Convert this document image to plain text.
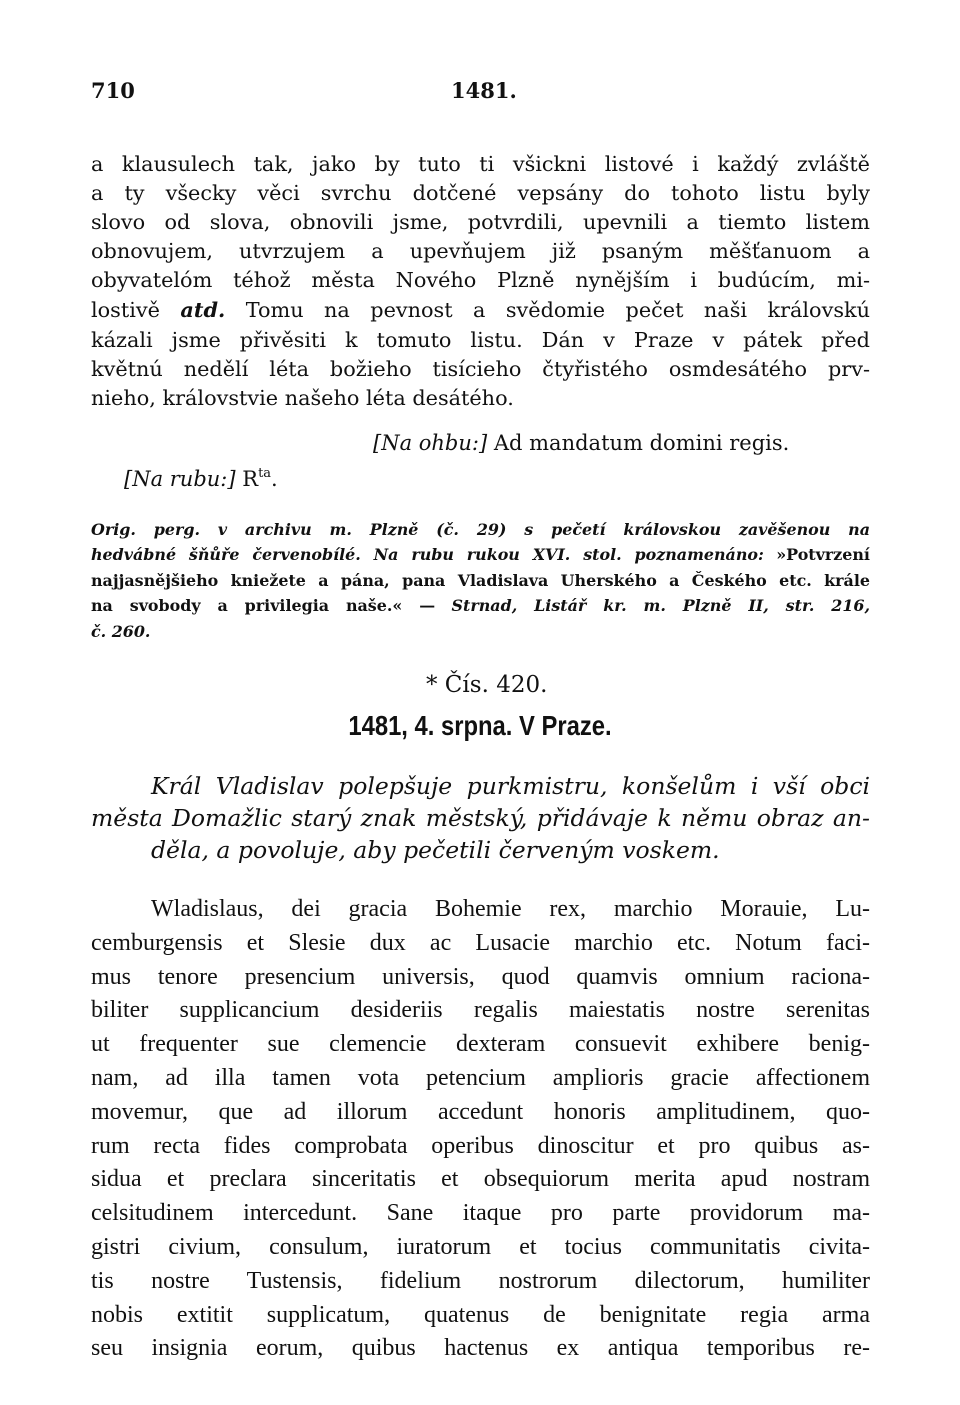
710	1481.
a klausulech tak, jako by tuto ti všickni listové i každý zvláště
a ty všecky věci svrchu dotčené vepsány do tohoto listu byly
slovo od slova, obnovili jsme, potvrdili, upevnili a tiemto listem
obnovujem, utvrzujem a upevňujem již psaným měšťanuom a
obyvatelóm téhož města Nového Plzně nynějším i budúcím, mi-
lostivě atd. Tomu na pevnost a svědomie pečet naši královskú
kázali jsme přivěsiti k tomuto listu. Dán v Praze v pátek před
květnú nedělí léta božieho tisícieho čtyřistého osmdesátého prv-
nieho, královstvie našeho léta desátého.
[Na ohbu:] Ad mandatum domini regis.
[Na rubu:] $R^{ta}$.
Orig. perg. v archivu m. Plzně (č. 29) s pečetí královskou zavěšenou na
hedvábné šňůře červenobílé. Na rubu rukou XVI. stol. poznamenáno: »Potvrzení
najjasnějšieho kniežete a pána, pana Vladislava Uherského a Českého etc. krále
na svobody a privilegia naše.« — Strnad, Listář kr. m. Plzně II, str. 216,
č. 260.
* Čís. 420.
1481, 4. srpna. V Praze.
Král Vladislav polepšuje purkmistru, konšelům i vší obci
města Domažlic starý znak městský, přidávaje k němu obraz an-
děla, a povoluje, aby pečetili červeným voskem.
Wladislaus, dei gracia Bohemie rex, marchio Morauie, Lu-
cemburgensis et Slesie dux ac Lusacie marchio etc. Notum faci-
mus tenore presencium universis, quod quamvis omnium raciona-
biliter supplicancium desideriis regalis maiestatis nostre serenitas
ut frequenter sue clemencie dexteram consuevit exhibere benig-
nam, ad illa tamen vota petencium amplioris gracie affectionem
movemur, que ad illorum accedunt honoris amplitudinem, quo-
rum recta fides comprobata operibus dinoscitur et pro quibus as-
sidua et preclara sinceritatis et obsequiorum merita apud nostram
celsitudinem intercedunt. Sane itaque pro parte providorum ma-
gistri civium, consulum, iuratorum et tocius communitatis civita-
tis nostre Tustensis, fidelium nostrorum dilectorum, humiliter
nobis extitit supplicatum, quatenus de benignitate regia arma
seu insignia eorum, quibus hactenus ex antiqua temporibus re-
